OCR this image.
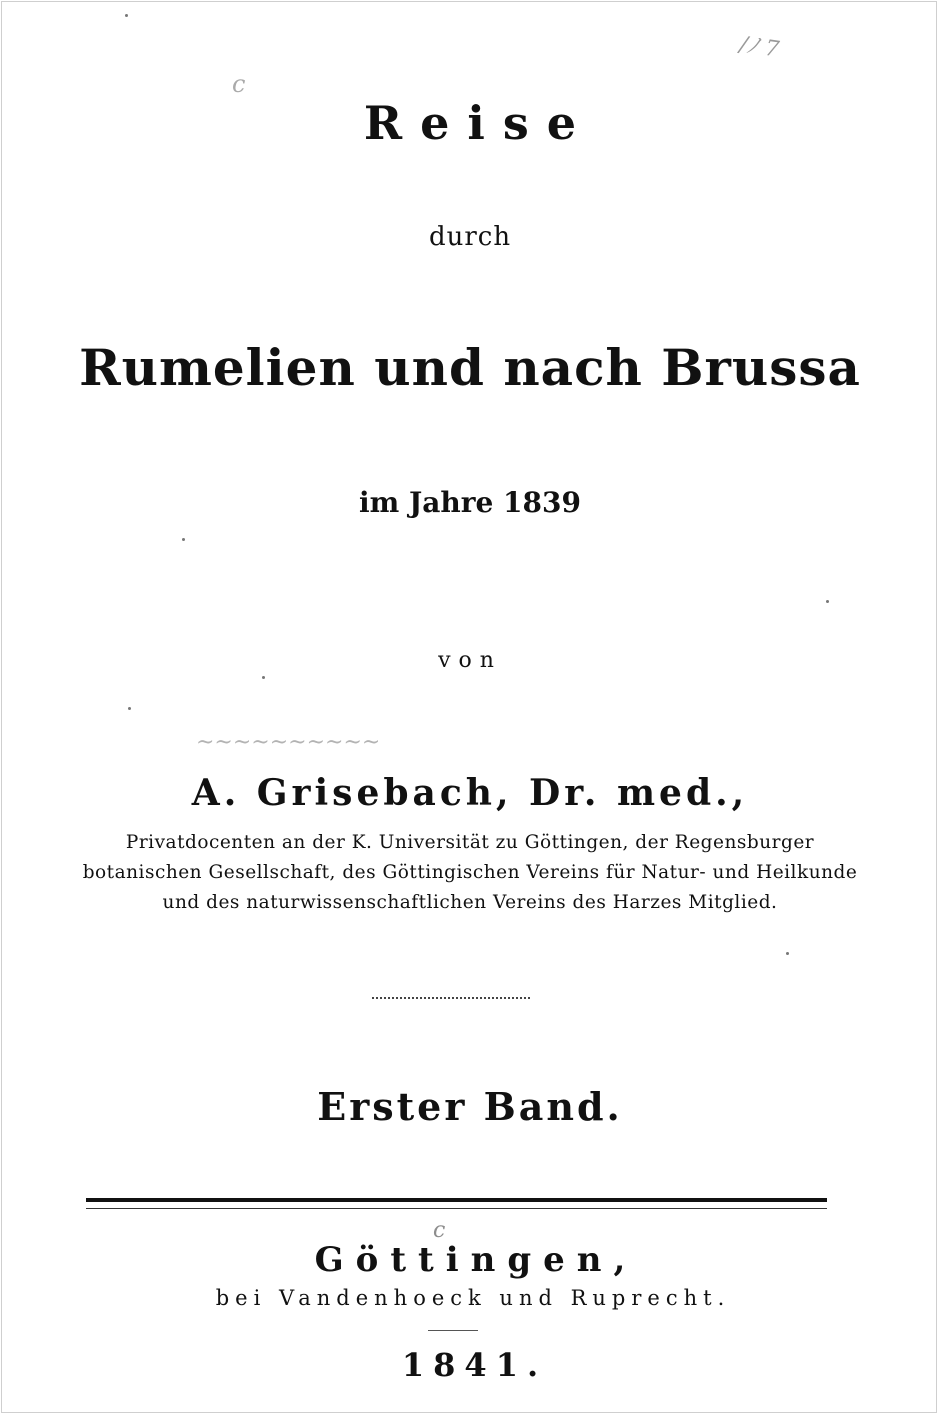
/ﾉ 7
c
~~~~~~~~~~
c
Reise
durch
Rumelien und nach Brussa
im Jahre 1839
von
A. Grisebach, Dr. med.,
Privatdocenten an der K. Universität zu Göttingen, der Regensburger
botanischen Gesellschaft, des Göttingischen Vereins für Natur- und Heilkunde
und des naturwissenschaftlichen Vereins des Harzes Mitglied.
Erster Band.
Göttingen,
bei Vandenhoeck und Ruprecht.
1841.
